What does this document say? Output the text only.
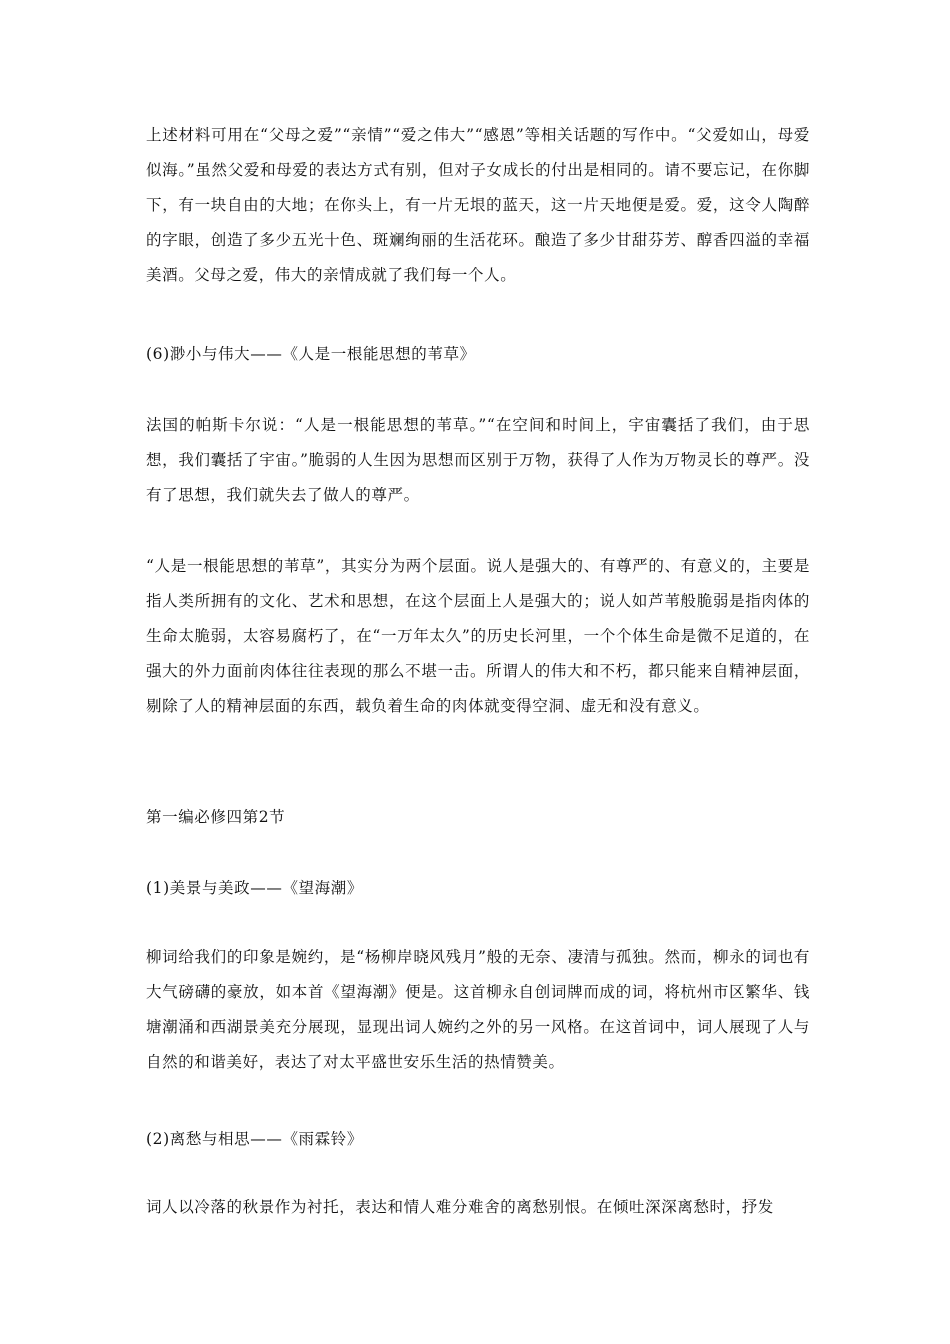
上述材料可用在“父母之爱”“亲情”“爱之伟大”“感恩”等相关话题的写作中。“父爱如山，母爱似海。”虽然父爱和母爱的表达方式有别，但对子女成长的付出是相同的。请不要忘记，在你脚下，有一块自由的大地；在你头上，有一片无垠的蓝天，这一片天地便是爱。爱，这令人陶醉的字眼，创造了多少五光十色、斑斓绚丽的生活花环。酿造了多少甘甜芬芳、醇香四溢的幸福美酒。父母之爱，伟大的亲情成就了我们每一个人。

(6)渺小与伟大——《人是一根能思想的苇草》

法国的帕斯卡尔说：“人是一根能思想的苇草。”“在空间和时间上，宇宙囊括了我们，由于思想，我们囊括了宇宙。”脆弱的人生因为思想而区别于万物，获得了人作为万物灵长的尊严。没有了思想，我们就失去了做人的尊严。

“人是一根能思想的苇草”，其实分为两个层面。说人是强大的、有尊严的、有意义的，主要是指人类所拥有的文化、艺术和思想，在这个层面上人是强大的；说人如芦苇般脆弱是指肉体的生命太脆弱，太容易腐朽了，在“一万年太久”的历史长河里，一个个体生命是微不足道的，在强大的外力面前肉体往往表现的那么不堪一击。所谓人的伟大和不朽，都只能来自精神层面，剔除了人的精神层面的东西，载负着生命的肉体就变得空洞、虚无和没有意义。

第一编必修四第2节

(1)美景与美政——《望海潮》

柳词给我们的印象是婉约，是“杨柳岸晓风残月”般的无奈、凄清与孤独。然而，柳永的词也有大气磅礴的豪放，如本首《望海潮》便是。这首柳永自创词牌而成的词，将杭州市区繁华、钱塘潮涌和西湖景美充分展现，显现出词人婉约之外的另一风格。在这首词中，词人展现了人与自然的和谐美好，表达了对太平盛世安乐生活的热情赞美。

(2)离愁与相思——《雨霖铃》

词人以冷落的秋景作为衬托，表达和情人难分难舍的离愁别恨。在倾吐深深离愁时，抒发
